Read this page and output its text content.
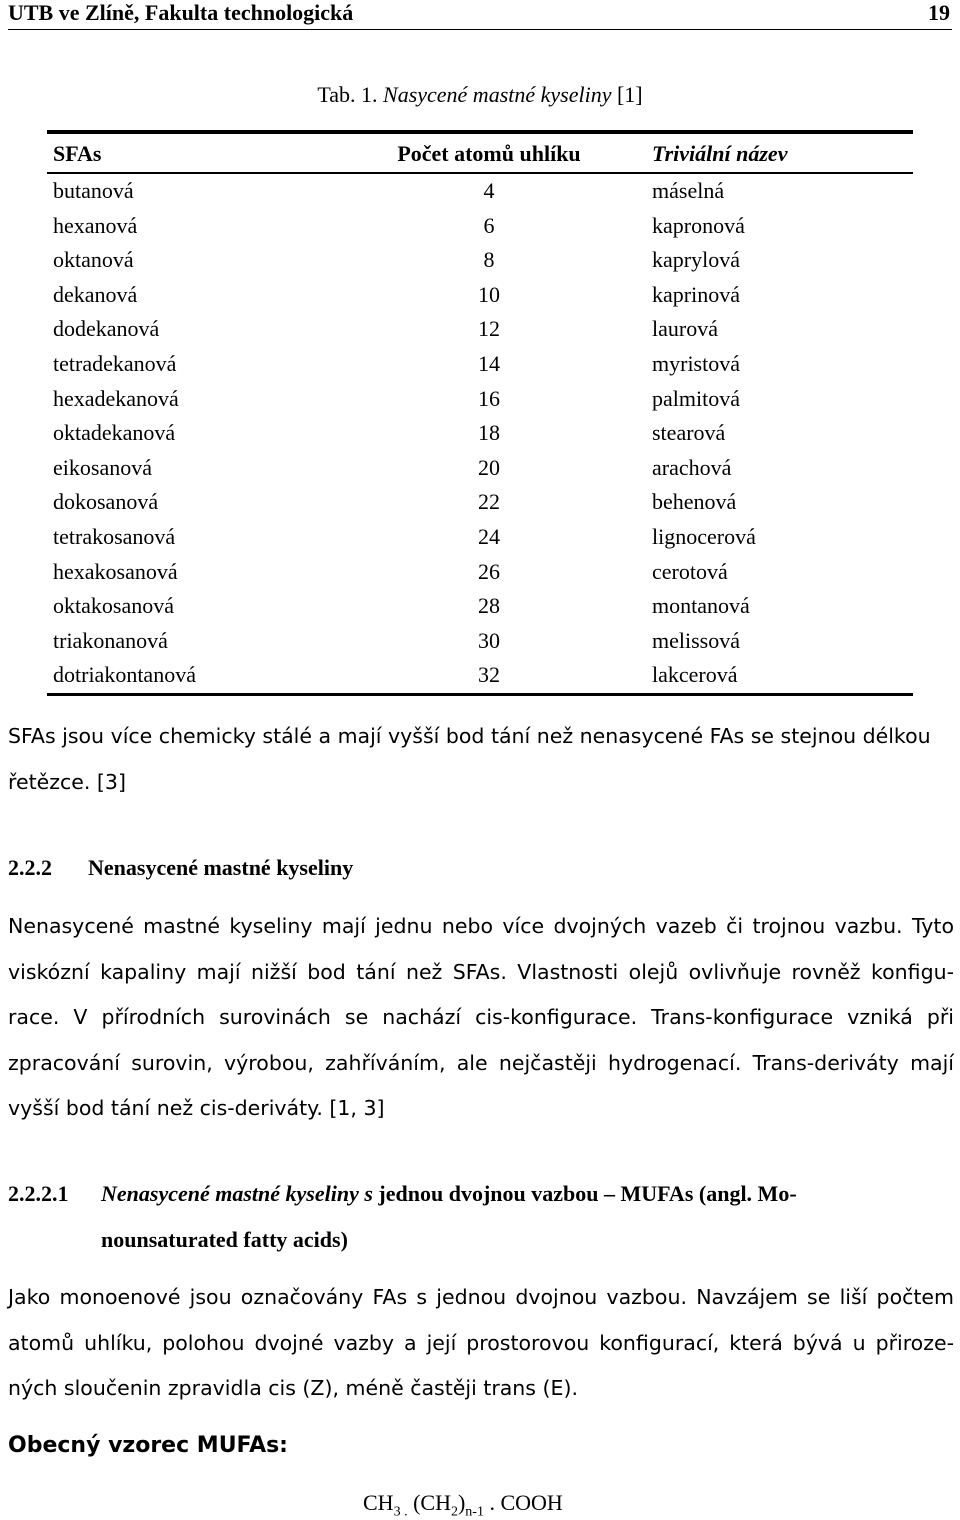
UTB ve Zlíně, Fakulta technologická	19
Tab. 1. Nasycené mastné kyseliny [1]
SFAs	Počet atomů uhlíku	Triviální název
butanová	4	máselná
hexanová	6	kapronová
oktanová	8	kaprylová
dekanová	10	kaprinová
dodekanová	12	laurová
tetradekanová	14	myristová
hexadekanová	16	palmitová
oktadekanová	18	stearová
eikosanová	20	arachová
dokosanová	22	behenová
tetrakosanová	24	lignocerová
hexakosanová	26	cerotová
oktakosanová	28	montanová
triakonanová	30	melissová
dotriakontanová	32	lakcerová
SFAs jsou více chemicky stálé a mají vyšší bod tání než nenasycené FAs se stejnou délkou
řetězce. [3]
2.2.2 Nenasycené mastné kyseliny
Nenasycené mastné kyseliny mají jednu nebo více dvojných vazeb či trojnou vazbu. Tyto
viskózní kapaliny mají nižší bod tání než SFAs. Vlastnosti olejů ovlivňuje rovněž konfigu-
race. V přírodních surovinách se nachází cis-konfigurace. Trans-konfigurace vzniká při
zpracování surovin, výrobou, zahříváním, ale nejčastěji hydrogenací. Trans-deriváty mají
vyšší bod tání než cis-deriváty. [1, 3]
2.2.2.1 Nenasycené mastné kyseliny s jednou dvojnou vazbou – MUFAs (angl. Mo-
nounsaturated fatty acids)
Jako monoenové jsou označovány FAs s jednou dvojnou vazbou. Navzájem se liší počtem
atomů uhlíku, polohou dvojné vazby a její prostorovou konfigurací, která bývá u přiroze-
ných sloučenin zpravidla cis (Z), méně častěji trans (E).
Obecný vzorec MUFAs:
$CH_{3 .}$ $(CH_2)_{n-1}$ . COOH
